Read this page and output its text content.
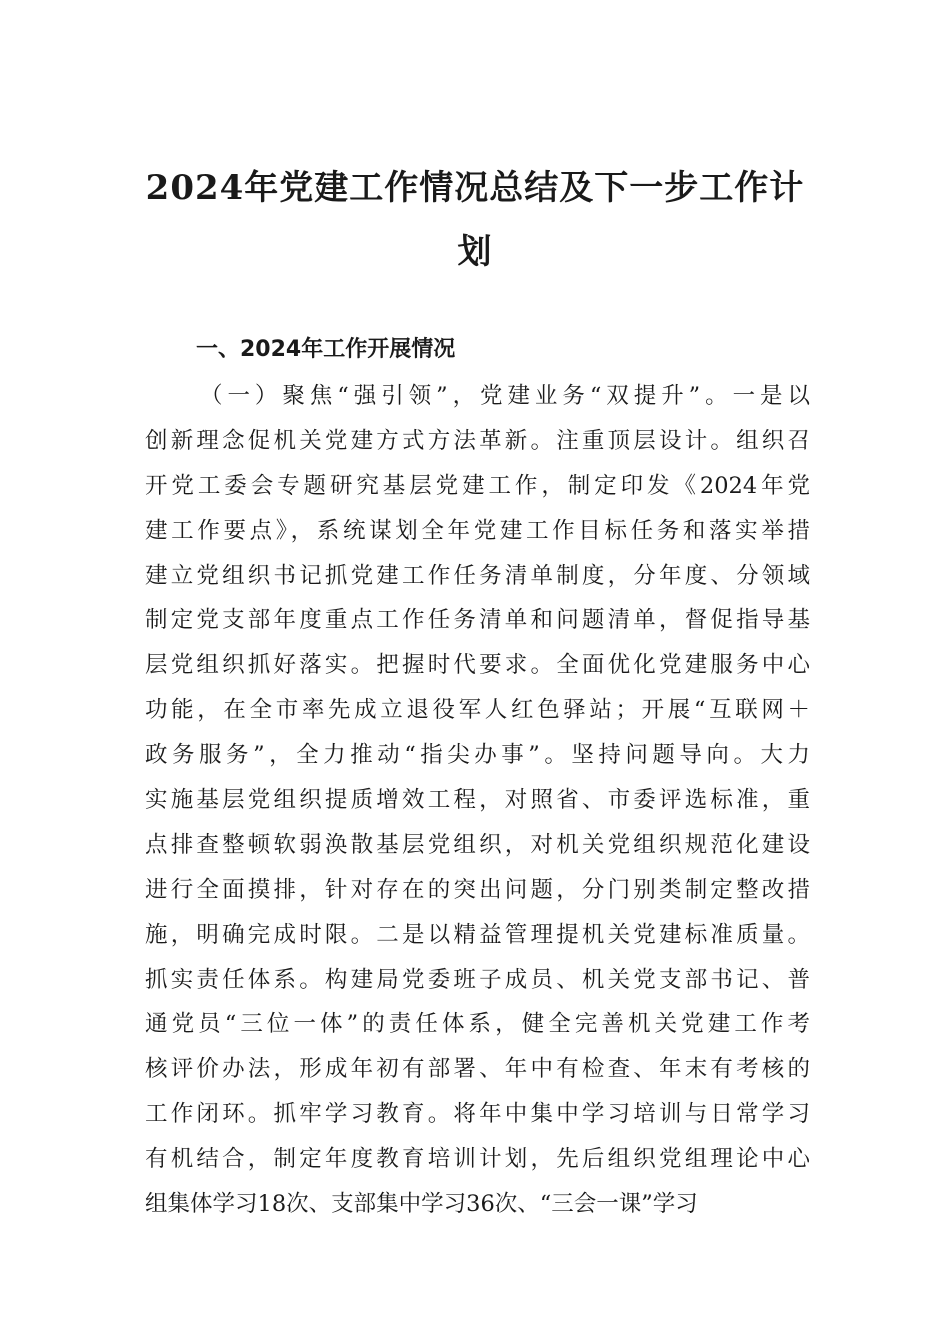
2024年党建工作情况总结及下一步工作计
划
一、2024年工作开展情况
（一）聚焦“强引领”，党建业务“双提升”。一是以
创新理念促机关党建方式方法革新。注重顶层设计。组织召
开党工委会专题研究基层党建工作，制定印发《2024年党
建工作要点》，系统谋划全年党建工作目标任务和落实举措
建立党组织书记抓党建工作任务清单制度，分年度、分领域
制定党支部年度重点工作任务清单和问题清单，督促指导基
层党组织抓好落实。把握时代要求。全面优化党建服务中心
功能，在全市率先成立退役军人红色驿站；开展“互联网＋
政务服务”，全力推动“指尖办事”。坚持问题导向。大力
实施基层党组织提质增效工程，对照省、市委评选标准，重
点排查整顿软弱涣散基层党组织，对机关党组织规范化建设
进行全面摸排，针对存在的突出问题，分门别类制定整改措
施，明确完成时限。二是以精益管理提机关党建标准质量。
抓实责任体系。构建局党委班子成员、机关党支部书记、普
通党员“三位一体”的责任体系，健全完善机关党建工作考
核评价办法，形成年初有部署、年中有检查、年末有考核的
工作闭环。抓牢学习教育。将年中集中学习培训与日常学习
有机结合，制定年度教育培训计划，先后组织党组理论中心
组集体学习18次、支部集中学习36次、“三会一课”学习
